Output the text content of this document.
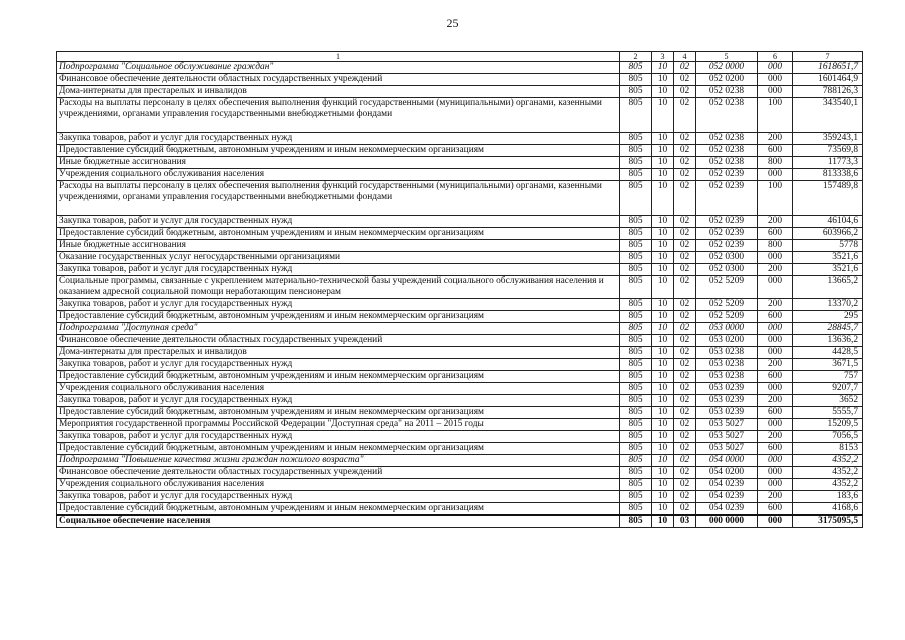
25
1	2	3	4	5	6	7
Подпрограмма "Социальное обслуживание граждан"	805	10	02	052 0000	000	1618651,7
Финансовое обеспечение деятельности областных государственных учреждений	805	10	02	052 0200	000	1601464,9
Дома-интернаты для престарелых и инвалидов	805	10	02	052 0238	000	788126,3
Расходы на выплаты персоналу в целях обеспечения выполнения функций государственными (муниципальными) органами, казенными учреждениями, органами управления государственными внебюджетными фондами	805	10	02	052 0238	100	343540,1
Закупка товаров, работ и услуг для государственных нужд	805	10	02	052 0238	200	359243,1
Предоставление субсидий бюджетным, автономным учреждениям и иным некоммерческим организациям	805	10	02	052 0238	600	73569,8
Иные бюджетные ассигнования	805	10	02	052 0238	800	11773,3
Учреждения социального обслуживания населения	805	10	02	052 0239	000	813338,6
Расходы на выплаты персоналу в целях обеспечения выполнения функций государственными (муниципальными) органами, казенными учреждениями, органами управления государственными внебюджетными фондами	805	10	02	052 0239	100	157489,8
Закупка товаров, работ и услуг для государственных нужд	805	10	02	052 0239	200	46104,6
Предоставление субсидий бюджетным, автономным учреждениям и иным некоммерческим организациям	805	10	02	052 0239	600	603966,2
Иные бюджетные ассигнования	805	10	02	052 0239	800	5778
Оказание государственных услуг негосударственными организациями	805	10	02	052 0300	000	3521,6
Закупка товаров, работ и услуг для государственных нужд	805	10	02	052 0300	200	3521,6
Социальные программы, связанные с укреплением материально-технической базы учреждений социального обслуживания населения и оказанием адресной социальной помощи неработающим пенсионерам	805	10	02	052 5209	000	13665,2
Закупка товаров, работ и услуг для государственных нужд	805	10	02	052 5209	200	13370,2
Предоставление субсидий бюджетным, автономным учреждениям и иным некоммерческим организациям	805	10	02	052 5209	600	295
Подпрограмма "Доступная среда"	805	10	02	053 0000	000	28845,7
Финансовое обеспечение деятельности областных государственных учреждений	805	10	02	053 0200	000	13636,2
Дома-интернаты для престарелых и инвалидов	805	10	02	053 0238	000	4428,5
Закупка товаров, работ и услуг для государственных нужд	805	10	02	053 0238	200	3671,5
Предоставление субсидий бюджетным, автономным учреждениям и иным некоммерческим организациям	805	10	02	053 0238	600	757
Учреждения социального обслуживания населения	805	10	02	053 0239	000	9207,7
Закупка товаров, работ и услуг для государственных нужд	805	10	02	053 0239	200	3652
Предоставление субсидий бюджетным, автономным учреждениям и иным некоммерческим организациям	805	10	02	053 0239	600	5555,7
Мероприятия государственной программы Российской Федерации "Доступная среда" на 2011 – 2015 годы	805	10	02	053 5027	000	15209,5
Закупка товаров, работ и услуг для государственных нужд	805	10	02	053 5027	200	7056,5
Предоставление субсидий бюджетным, автономным учреждениям и иным некоммерческим организациям	805	10	02	053 5027	600	8153
Подпрограмма "Повышение качества жизни граждан пожилого возраста"	805	10	02	054 0000	000	4352,2
Финансовое обеспечение деятельности областных государственных учреждений	805	10	02	054 0200	000	4352,2
Учреждения социального обслуживания населения	805	10	02	054 0239	000	4352,2
Закупка товаров, работ и услуг для государственных нужд	805	10	02	054 0239	200	183,6
Предоставление субсидий бюджетным, автономным учреждениям и иным некоммерческим организациям	805	10	02	054 0239	600	4168,6
Социальное обеспечение населения	805	10	03	000 0000	000	3175095,5
